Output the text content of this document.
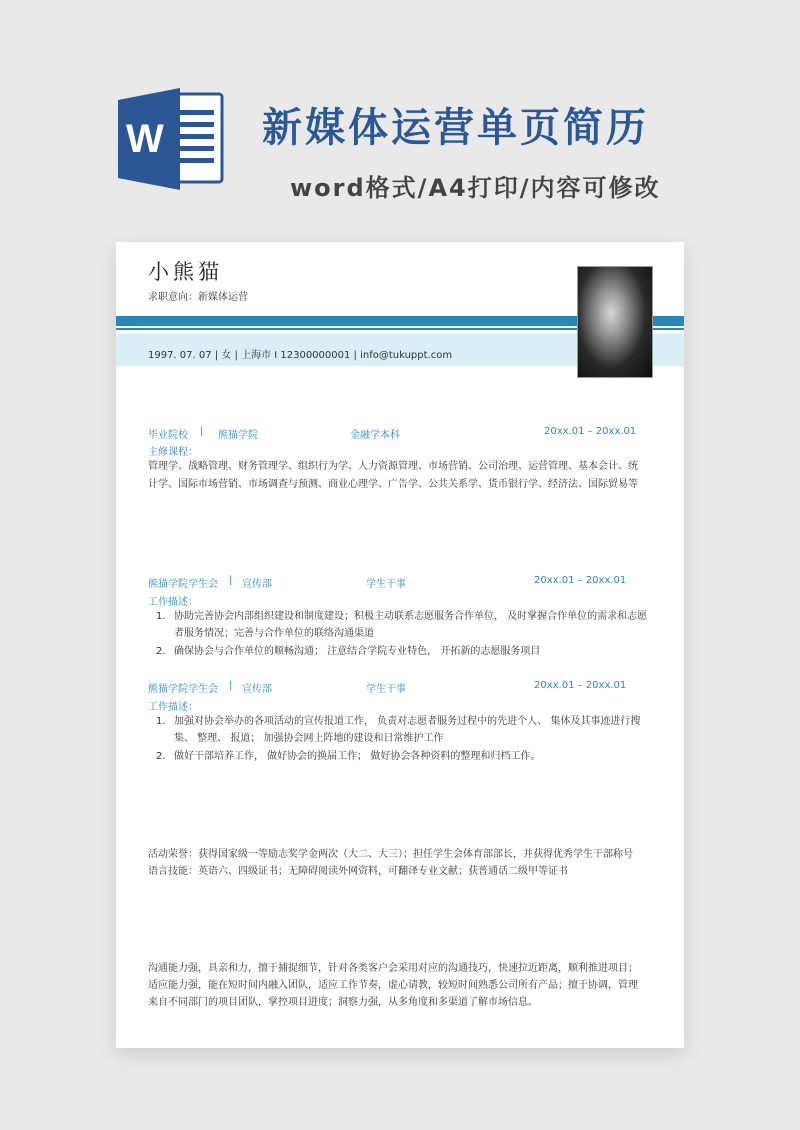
W 新媒体运营单页简历
word格式/A4打印/内容可修改
小熊猫
求职意向：新媒体运营
1997. 07. 07 | 女 | 上海市 I 12300000001 | info@tukuppt.com
毕业院校 | 熊猫学院	金融学本科	20xx.01 – 20xx.01
主修课程：
管理学、战略管理、财务管理学、组织行为学、人力资源管理、市场营销、公司治理、运营管理、基本会计、统
计学、国际市场营销、市场调查与预测、商业心理学、广告学、公共关系学、货币银行学、经济法、国际贸易等
熊猫学院学生会 | 宣传部	学生干事	20xx.01 – 20xx.01
工作描述：
1. 协助完善协会内部组织建设和制度建设；积极主动联系志愿服务合作单位， 及时掌握合作单位的需求和志愿
者服务情况；完善与合作单位的联络沟通渠道
2. 确保协会与合作单位的顺畅沟通； 注意结合学院专业特色， 开拓新的志愿服务项目
熊猫学院学生会 | 宣传部	学生干事	20xx.01 – 20xx.01
工作描述：
1. 加强对协会举办的各项活动的宣传报道工作， 负责对志愿者服务过程中的先进个人、 集体及其事迹进行搜
集、 整理、 报道； 加强协会网上阵地的建设和日常维护工作
2. 做好干部培养工作， 做好协会的换届工作； 做好协会各种资料的整理和归档工作。
活动荣誉：获得国家级一等励志奖学金两次（大二、大三）；担任学生会体育部部长，并获得优秀学生干部称号
语言技能：英语六、四级证书；无障碍阅读外网资料，可翻译专业文献；获普通话二级甲等证书
沟通能力强，具亲和力，擅于捕捉细节，针对各类客户会采用对应的沟通技巧，快速拉近距离，顺利推进项目；
适应能力强，能在短时间内融入团队，适应工作节奏，虚心请教，较短时间熟悉公司所有产品；擅于协调，管理
来自不同部门的项目团队，掌控项目进度；洞察力强，从多角度和多渠道了解市场信息。
